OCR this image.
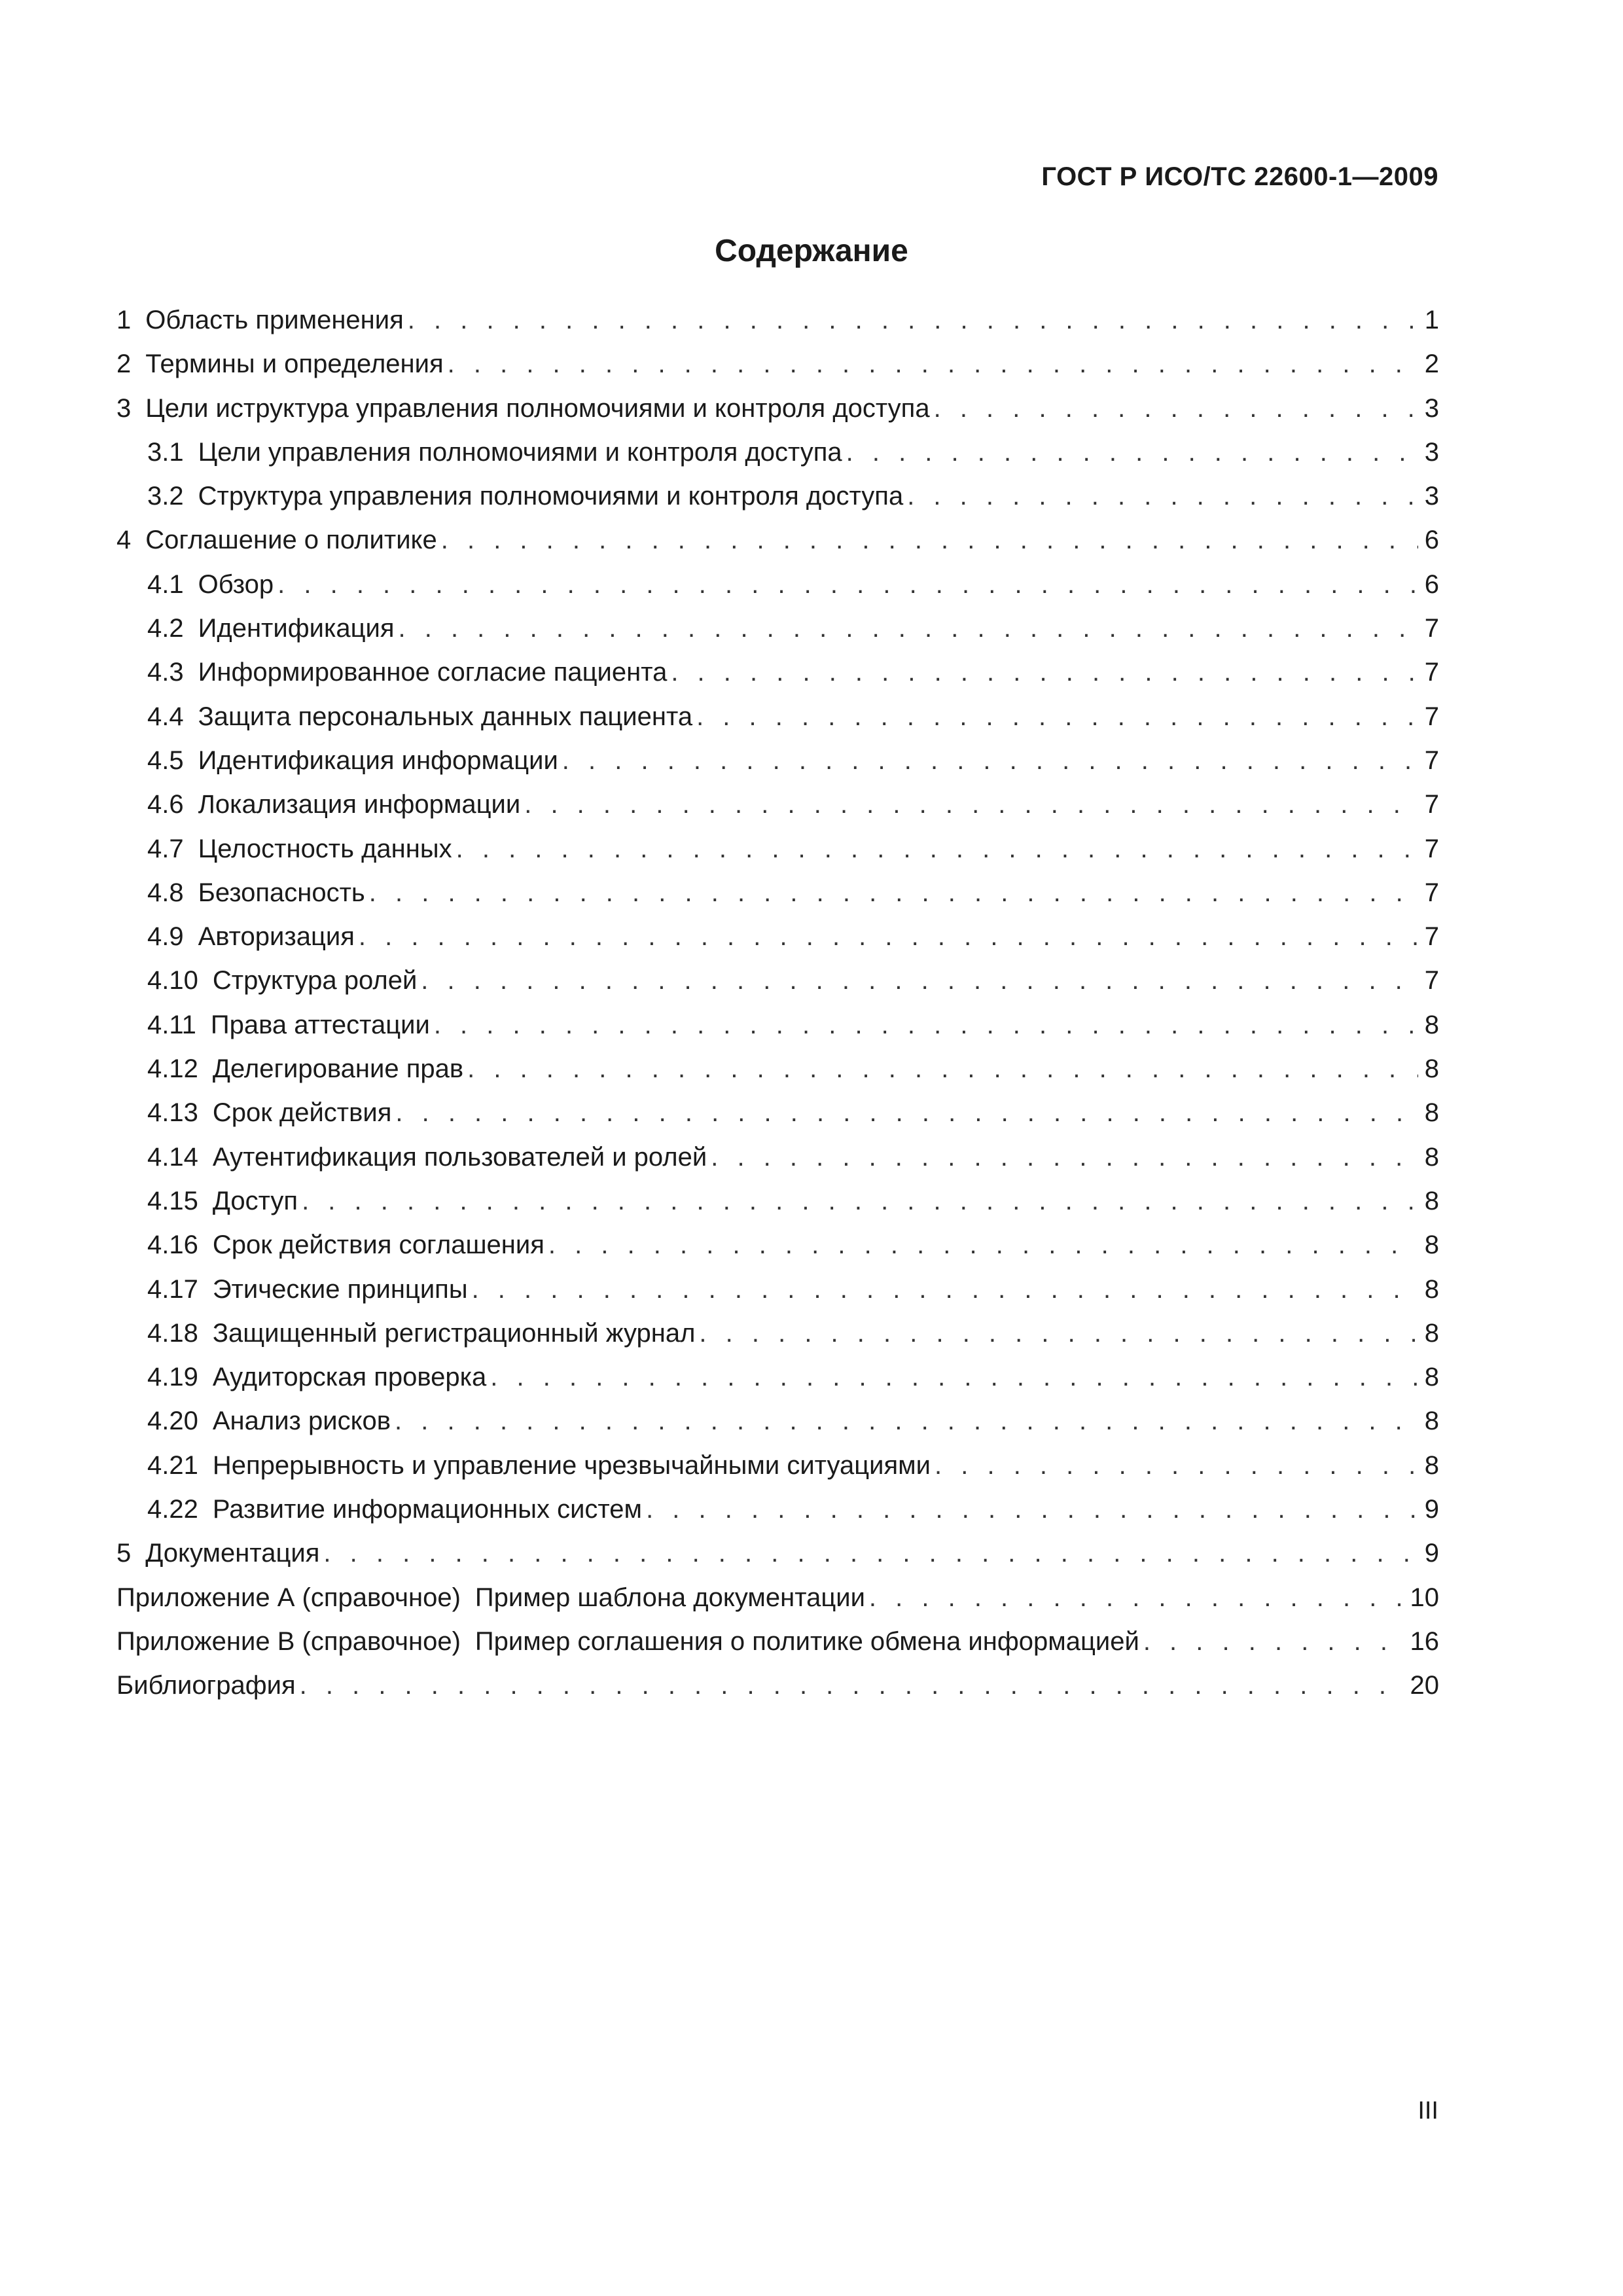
ГОСТ Р ИСО/ТС 22600-1—2009
Содержание
1 Область применения . . .	1
2 Термины и определения . . .	2
3 Цели иструктура управления полномочиями и контроля доступа . . .	3
3.1 Цели управления полномочиями и контроля доступа . . .	3
3.2 Структура управления полномочиями и контроля доступа . . .	3
4 Соглашение о политике . . .	6
4.1 Обзор . . .	6
4.2 Идентификация . . .	7
4.3 Информированное согласие пациента . . .	7
4.4 Защита персональных данных пациента . . .	7
4.5 Идентификация информации . . .	7
4.6 Локализация информации . . .	7
4.7 Целостность данных . . .	7
4.8 Безопасность . . .	7
4.9 Авторизация . . .	7
4.10 Структура ролей . . .	7
4.11 Права аттестации . . .	8
4.12 Делегирование прав . . .	8
4.13 Срок действия . . .	8
4.14 Аутентификация пользователей и ролей . . .	8
4.15 Доступ . . .	8
4.16 Срок действия соглашения . . .	8
4.17 Этические принципы . . .	8
4.18 Защищенный регистрационный журнал . . .	8
4.19 Аудиторская проверка . . .	8
4.20 Анализ рисков . . .	8
4.21 Непрерывность и управление чрезвычайными ситуациями . . .	8
4.22 Развитие информационных систем . . .	9
5 Документация . . .	9
Приложение А (справочное) Пример шаблона документации . . .	10
Приложение В (справочное) Пример соглашения о политике обмена информацией . . .	16
Библиография . . .	20
III
